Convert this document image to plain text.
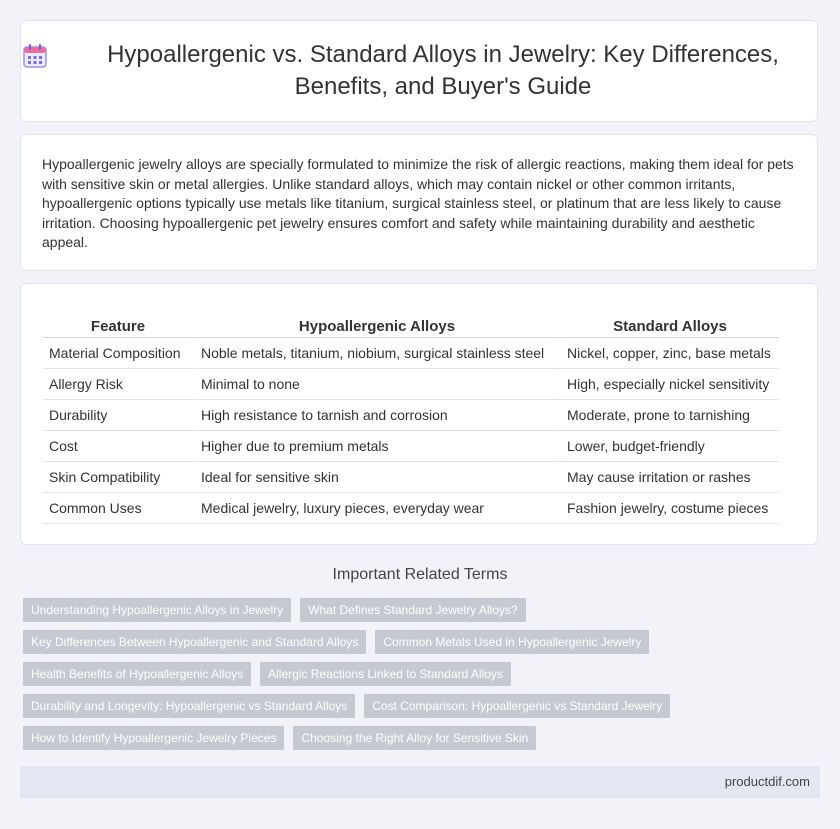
Hypoallergenic vs. Standard Alloys in Jewelry: Key Differences, Benefits, and Buyer's Guide

Hypoallergenic jewelry alloys are specially formulated to minimize the risk of allergic reactions, making them ideal for pets with sensitive skin or metal allergies. Unlike standard alloys, which may contain nickel or other common irritants, hypoallergenic options typically use metals like titanium, surgical stainless steel, or platinum that are less likely to cause irritation. Choosing hypoallergenic pet jewelry ensures comfort and safety while maintaining durability and aesthetic appeal.

Feature	Hypoallergenic Alloys	Standard Alloys
Material Composition	Noble metals, titanium, niobium, surgical stainless steel	Nickel, copper, zinc, base metals
Allergy Risk	Minimal to none	High, especially nickel sensitivity
Durability	High resistance to tarnish and corrosion	Moderate, prone to tarnishing
Cost	Higher due to premium metals	Lower, budget-friendly
Skin Compatibility	Ideal for sensitive skin	May cause irritation or rashes
Common Uses	Medical jewelry, luxury pieces, everyday wear	Fashion jewelry, costume pieces
Important Related Terms
Understanding Hypoallergenic Alloys in Jewelry	What Defines Standard Jewelry Alloys?
Key Differences Between Hypoallergenic and Standard Alloys	Common Metals Used in Hypoallergenic Jewelry
Health Benefits of Hypoallergenic Alloys	Allergic Reactions Linked to Standard Alloys
Durability and Longevity: Hypoallergenic vs Standard Alloys	Cost Comparison: Hypoallergenic vs Standard Jewelry
How to Identify Hypoallergenic Jewelry Pieces	Choosing the Right Alloy for Sensitive Skin
productdif.com
